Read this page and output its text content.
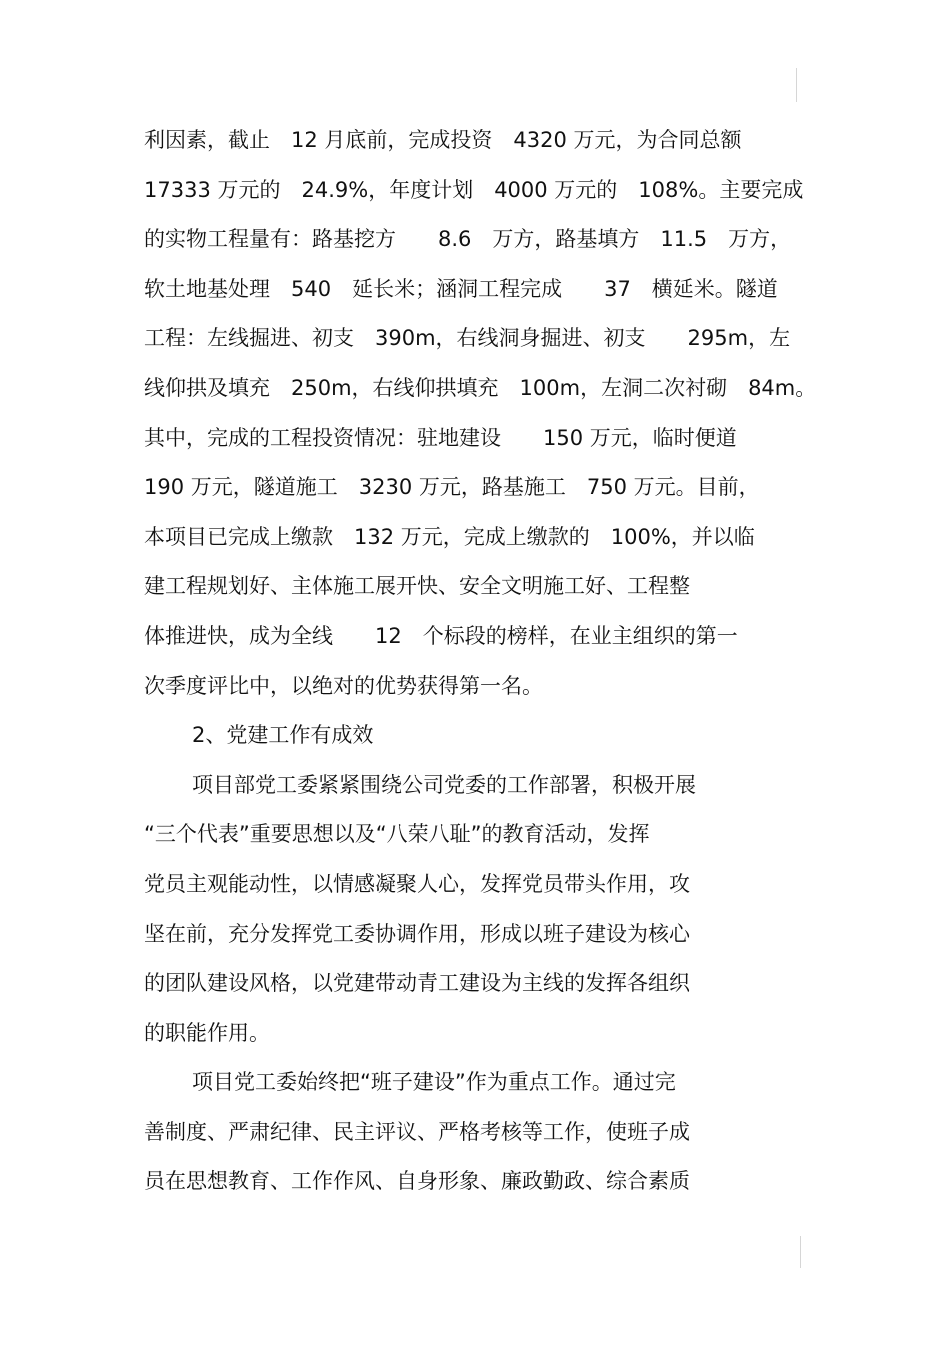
利因素，截止　12 月底前，完成投资　4320 万元，为合同总额
17333 万元的　24.9%，年度计划　4000 万元的　108%。主要完成
的实物工程量有：路基挖方　　8.6　万方，路基填方　11.5　万方，
软土地基处理　540　延长米；涵洞工程完成　　37　横延米。隧道
工程：左线掘进、初支　390m，右线洞身掘进、初支　　295m，左
线仰拱及填充　250m，右线仰拱填充　100m，左洞二次衬砌　84m。
其中，完成的工程投资情况：驻地建设　　150 万元，临时便道
190 万元，隧道施工　3230 万元，路基施工　750 万元。目前，
本项目已完成上缴款　132 万元，完成上缴款的　100%，并以临
建工程规划好、主体施工展开快、安全文明施工好、工程整
体推进快，成为全线　　12　个标段的榜样，在业主组织的第一
次季度评比中，以绝对的优势获得第一名。
2、党建工作有成效
项目部党工委紧紧围绕公司党委的工作部署，积极开展
“三个代表”重要思想以及“八荣八耻”的教育活动，发挥
党员主观能动性，以情感凝聚人心，发挥党员带头作用，攻
坚在前，充分发挥党工委协调作用，形成以班子建设为核心
的团队建设风格，以党建带动青工建设为主线的发挥各组织
的职能作用。
项目党工委始终把“班子建设”作为重点工作。通过完
善制度、严肃纪律、民主评议、严格考核等工作，使班子成
员在思想教育、工作作风、自身形象、廉政勤政、综合素质
